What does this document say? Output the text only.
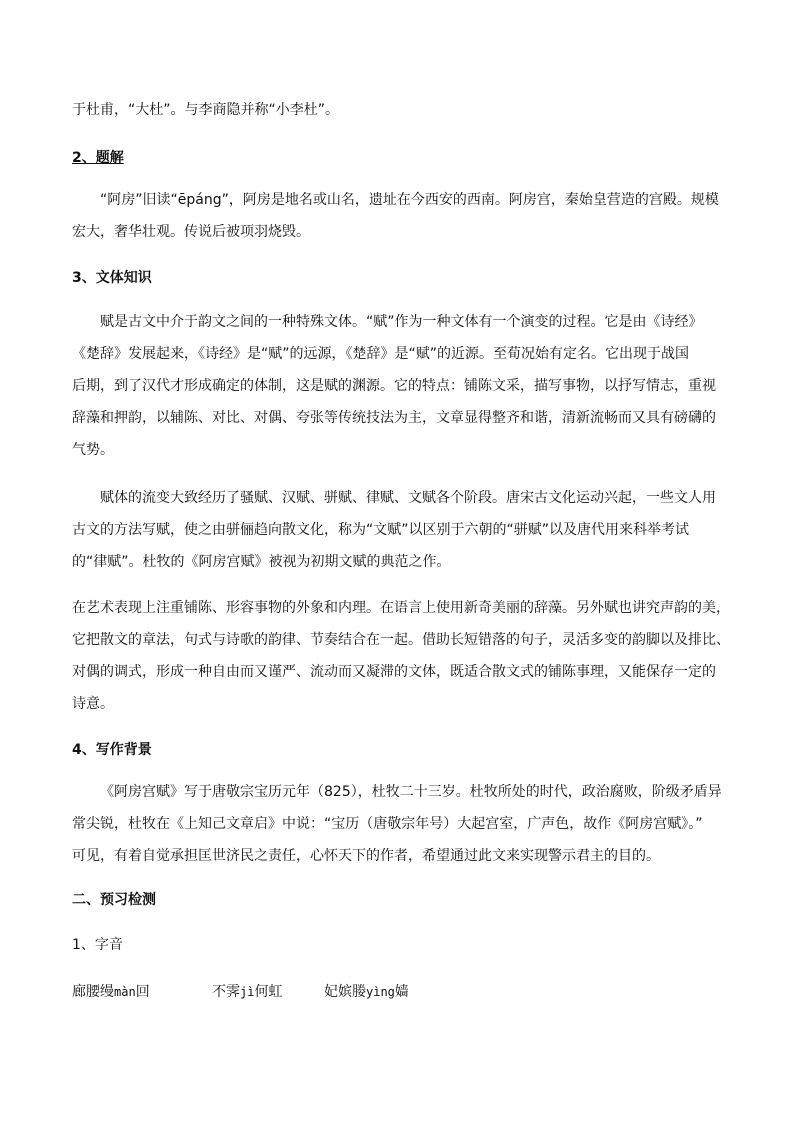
于杜甫，“大杜”。与李商隐并称“小李杜”。
2、题解
“阿房”旧读“ēpáng”，阿房是地名或山名，遗址在今西安的西南。阿房宫，秦始皇营造的宫殿。规模
宏大，奢华壮观。传说后被项羽烧毁。
3、文体知识
赋是古文中介于韵文之间的一种特殊文体。“赋”作为一种文体有一个演变的过程。它是由《诗经》
《楚辞》发展起来，《诗经》是“赋”的远源，《楚辞》是“赋”的近源。至荀况始有定名。它出现于战国
后期，到了汉代才形成确定的体制，这是赋的渊源。它的特点：铺陈文采，描写事物，以抒写情志，重视
辞藻和押韵，以辅陈、对比、对偶、夸张等传统技法为主，文章显得整齐和谐，清新流畅而又具有磅礴的
气势。
赋体的流变大致经历了骚赋、汉赋、骈赋、律赋、文赋各个阶段。唐宋古文化运动兴起，一些文人用
古文的方法写赋，使之由骈俪趋向散文化，称为“文赋”以区别于六朝的“骈赋”以及唐代用来科举考试
的“律赋”。杜牧的《阿房宫赋》被视为初期文赋的典范之作。
在艺术表现上注重铺陈、形容事物的外象和内理。在语言上使用新奇美丽的辞藻。另外赋也讲究声韵的美，
它把散文的章法，句式与诗歌的韵律、节奏结合在一起。借助长短错落的句子，灵活多变的韵脚以及排比、
对偶的调式，形成一种自由而又谨严、流动而又凝滞的文体，既适合散文式的铺陈事理，又能保存一定的
诗意。
4、写作背景
《阿房宫赋》写于唐敬宗宝历元年（825），杜牧二十三岁。杜牧所处的时代，政治腐败，阶级矛盾异
常尖锐，杜牧在《上知己文章启》中说：“宝历（唐敬宗年号）大起宫室，广声色，故作《阿房宫赋》。”
可见，有着自觉承担匡世济民之责任，心怀天下的作者，希望通过此文来实现警示君主的目的。
二、预习检测
1、字音
廊腰缦màn回	不霁jì何虹	妃嫔媵yìng嫱
